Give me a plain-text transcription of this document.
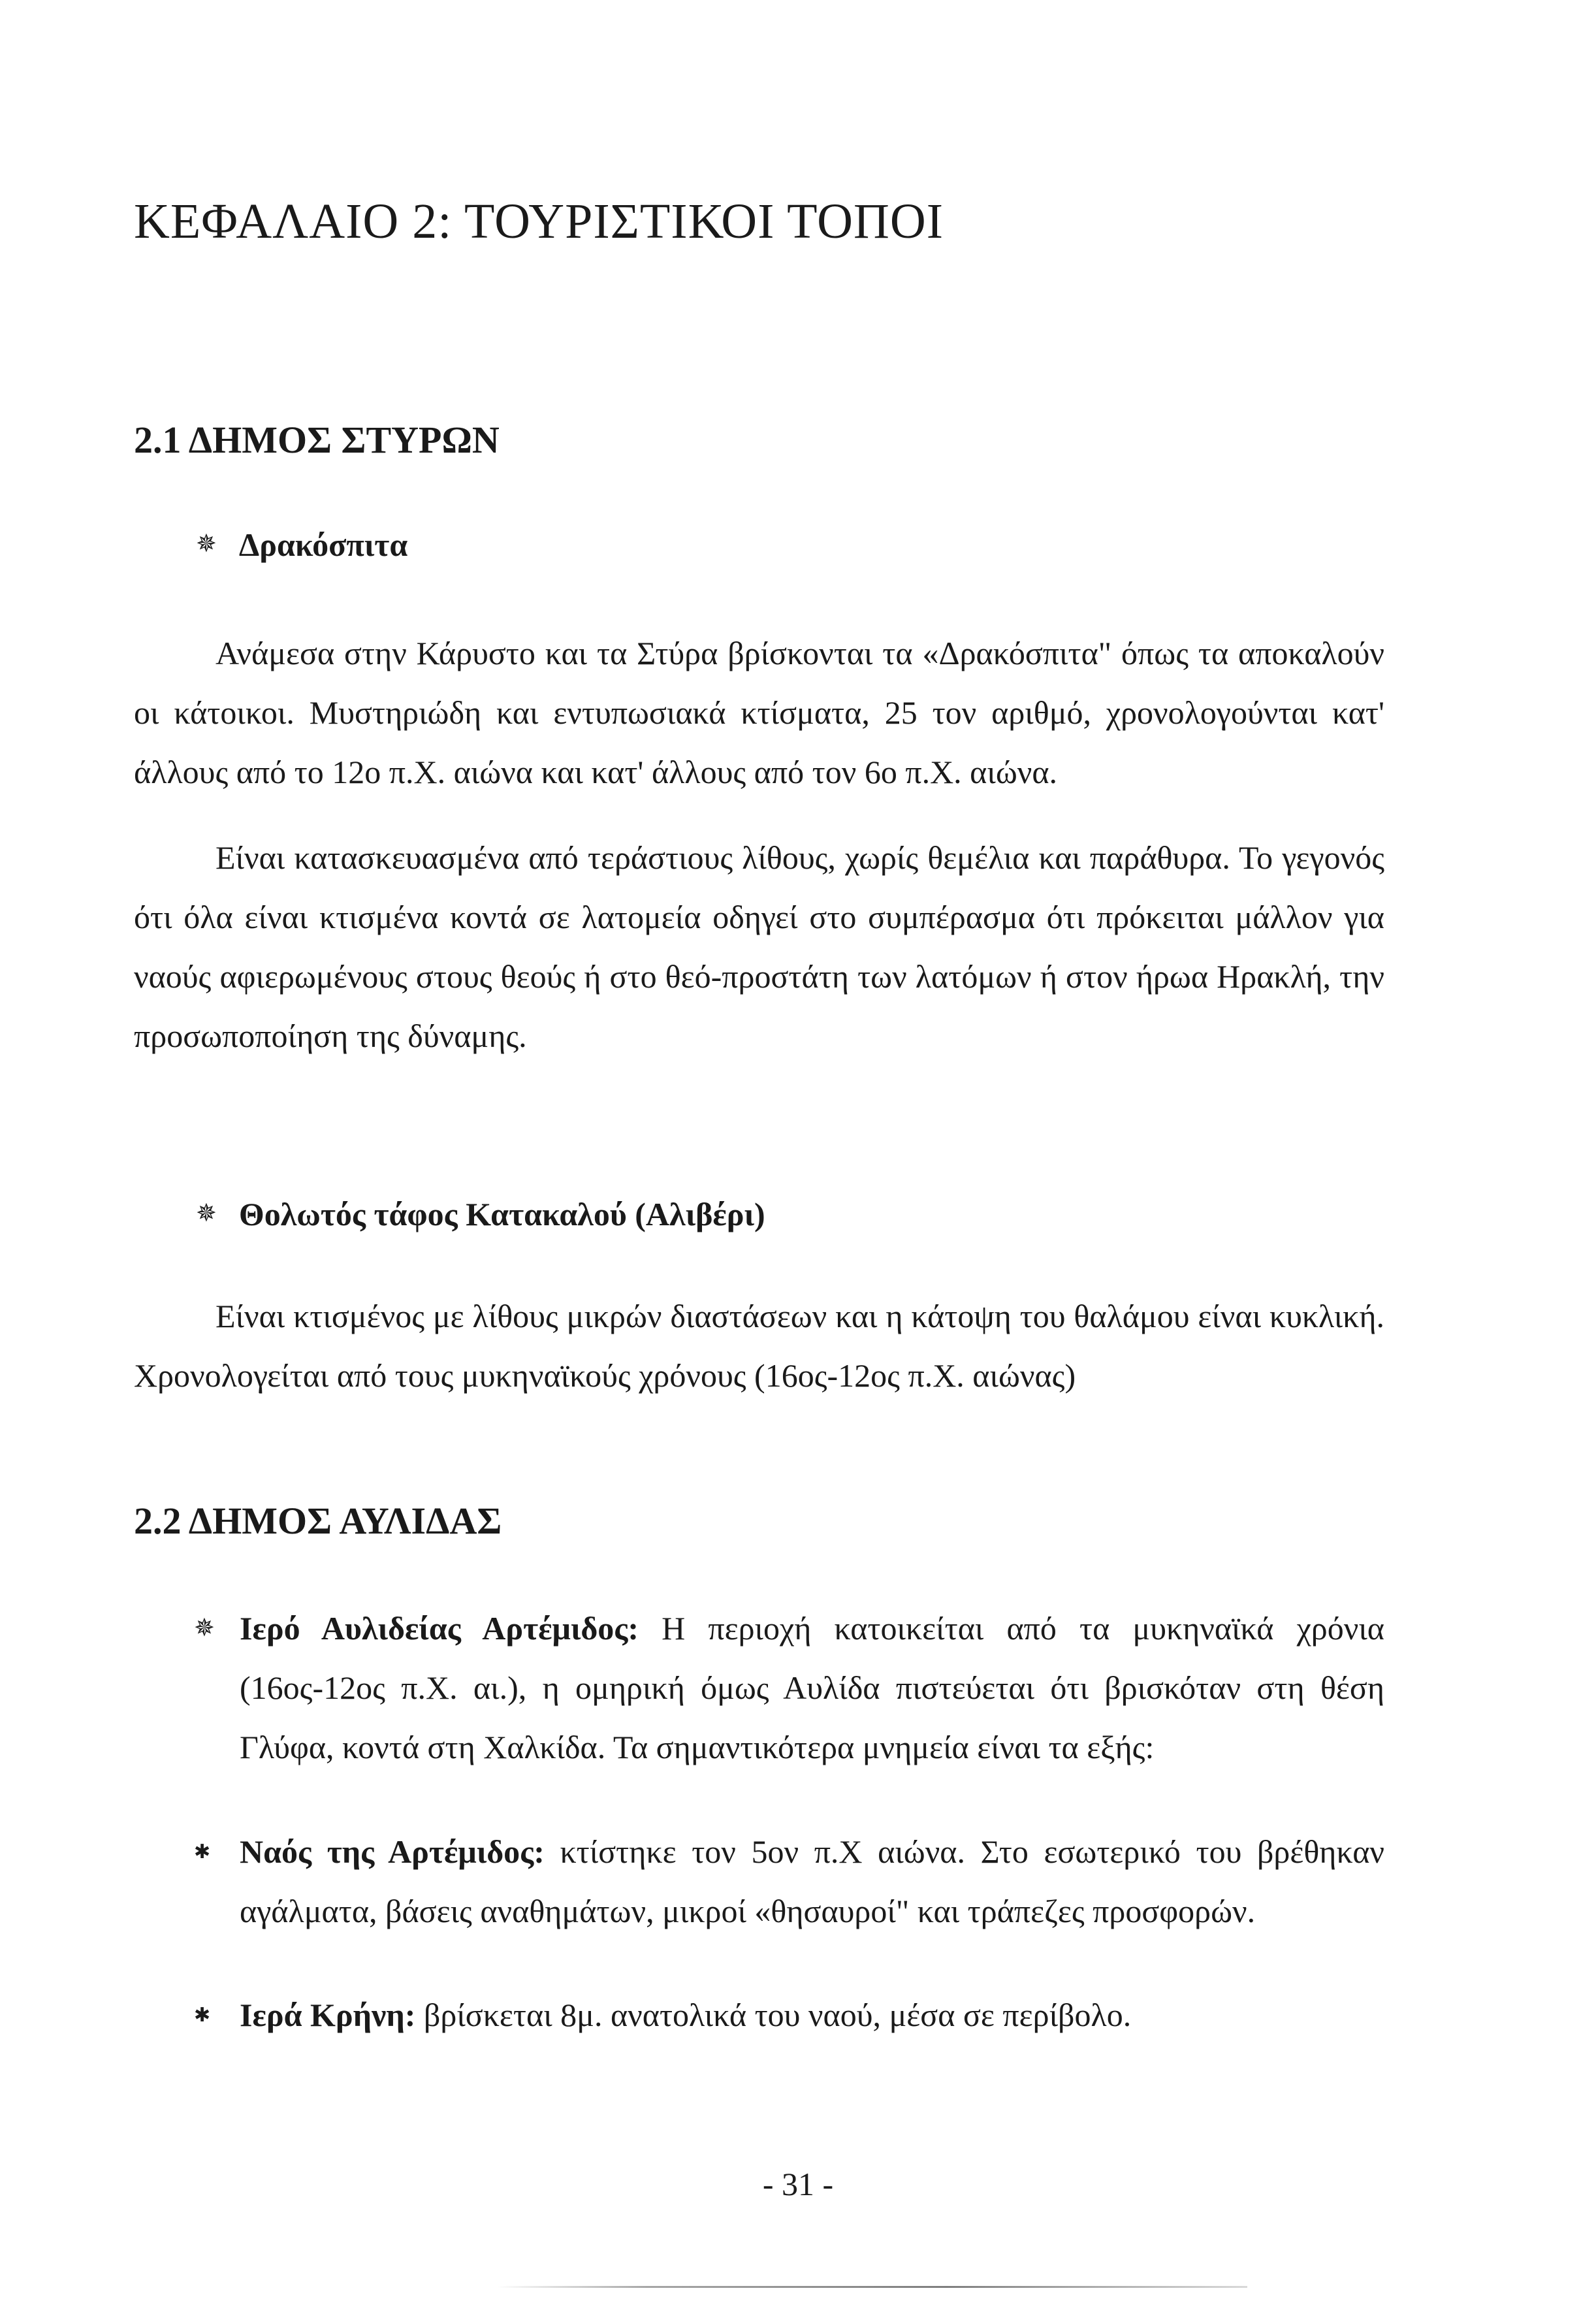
ΚΕΦΑΛΑΙΟ 2: ΤΟΥΡΙΣΤΙΚΟΙ ΤΟΠΟΙ
2.1 ΔΗΜΟΣ ΣΤΥΡΩΝ
✵ Δρακόσπιτα

Ανάμεσα στην Κάρυστο και τα Στύρα βρίσκονται τα «Δρακόσπιτα" όπως τα αποκαλούν οι κάτοικοι. Μυστηριώδη και εντυπωσιακά κτίσματα, 25 τον αριθμό, χρονολογούνται κατ' άλλους από το 12ο π.Χ. αιώνα και κατ' άλλους από τον 6ο π.Χ. αιώνα.

Είναι κατασκευασμένα από τεράστιους λίθους, χωρίς θεμέλια και παράθυρα. Το γεγονός ότι όλα είναι κτισμένα κοντά σε λατομεία οδηγεί στο συμπέρασμα ότι πρόκειται μάλλον για ναούς αφιερωμένους στους θεούς ή στο θεό-προστάτη των λατόμων ή στον ήρωα Ηρακλή, την προσωποποίηση της δύναμης.

✵ Θολωτός τάφος Κατακαλού (Αλιβέρι)

Είναι κτισμένος με λίθους μικρών διαστάσεων και η κάτοψη του θαλάμου είναι κυκλική. Χρονολογείται από τους μυκηναϊκούς χρόνους (16ος-12ος π.Χ. αιώνας)

2.2 ΔΗΜΟΣ ΑΥΛΙΔΑΣ
✵ Ιερό Αυλιδείας Αρτέμιδος: Η περιοχή κατοικείται από τα μυκηναϊκά χρόνια (16ος-12ος π.Χ. αι.), η ομηρική όμως Αυλίδα πιστεύεται ότι βρισκόταν στη θέση Γλύφα, κοντά στη Χαλκίδα. Τα σημαντικότερα μνημεία είναι τα εξής:
✱ Ναός της Αρτέμιδος: κτίστηκε τον 5ον π.Χ αιώνα. Στο εσωτερικό του βρέθηκαν αγάλματα, βάσεις αναθημάτων, μικροί «θησαυροί" και τράπεζες προσφορών.
✱ Ιερά Κρήνη: βρίσκεται 8μ. ανατολικά του ναού, μέσα σε περίβολο.

- 31 -
